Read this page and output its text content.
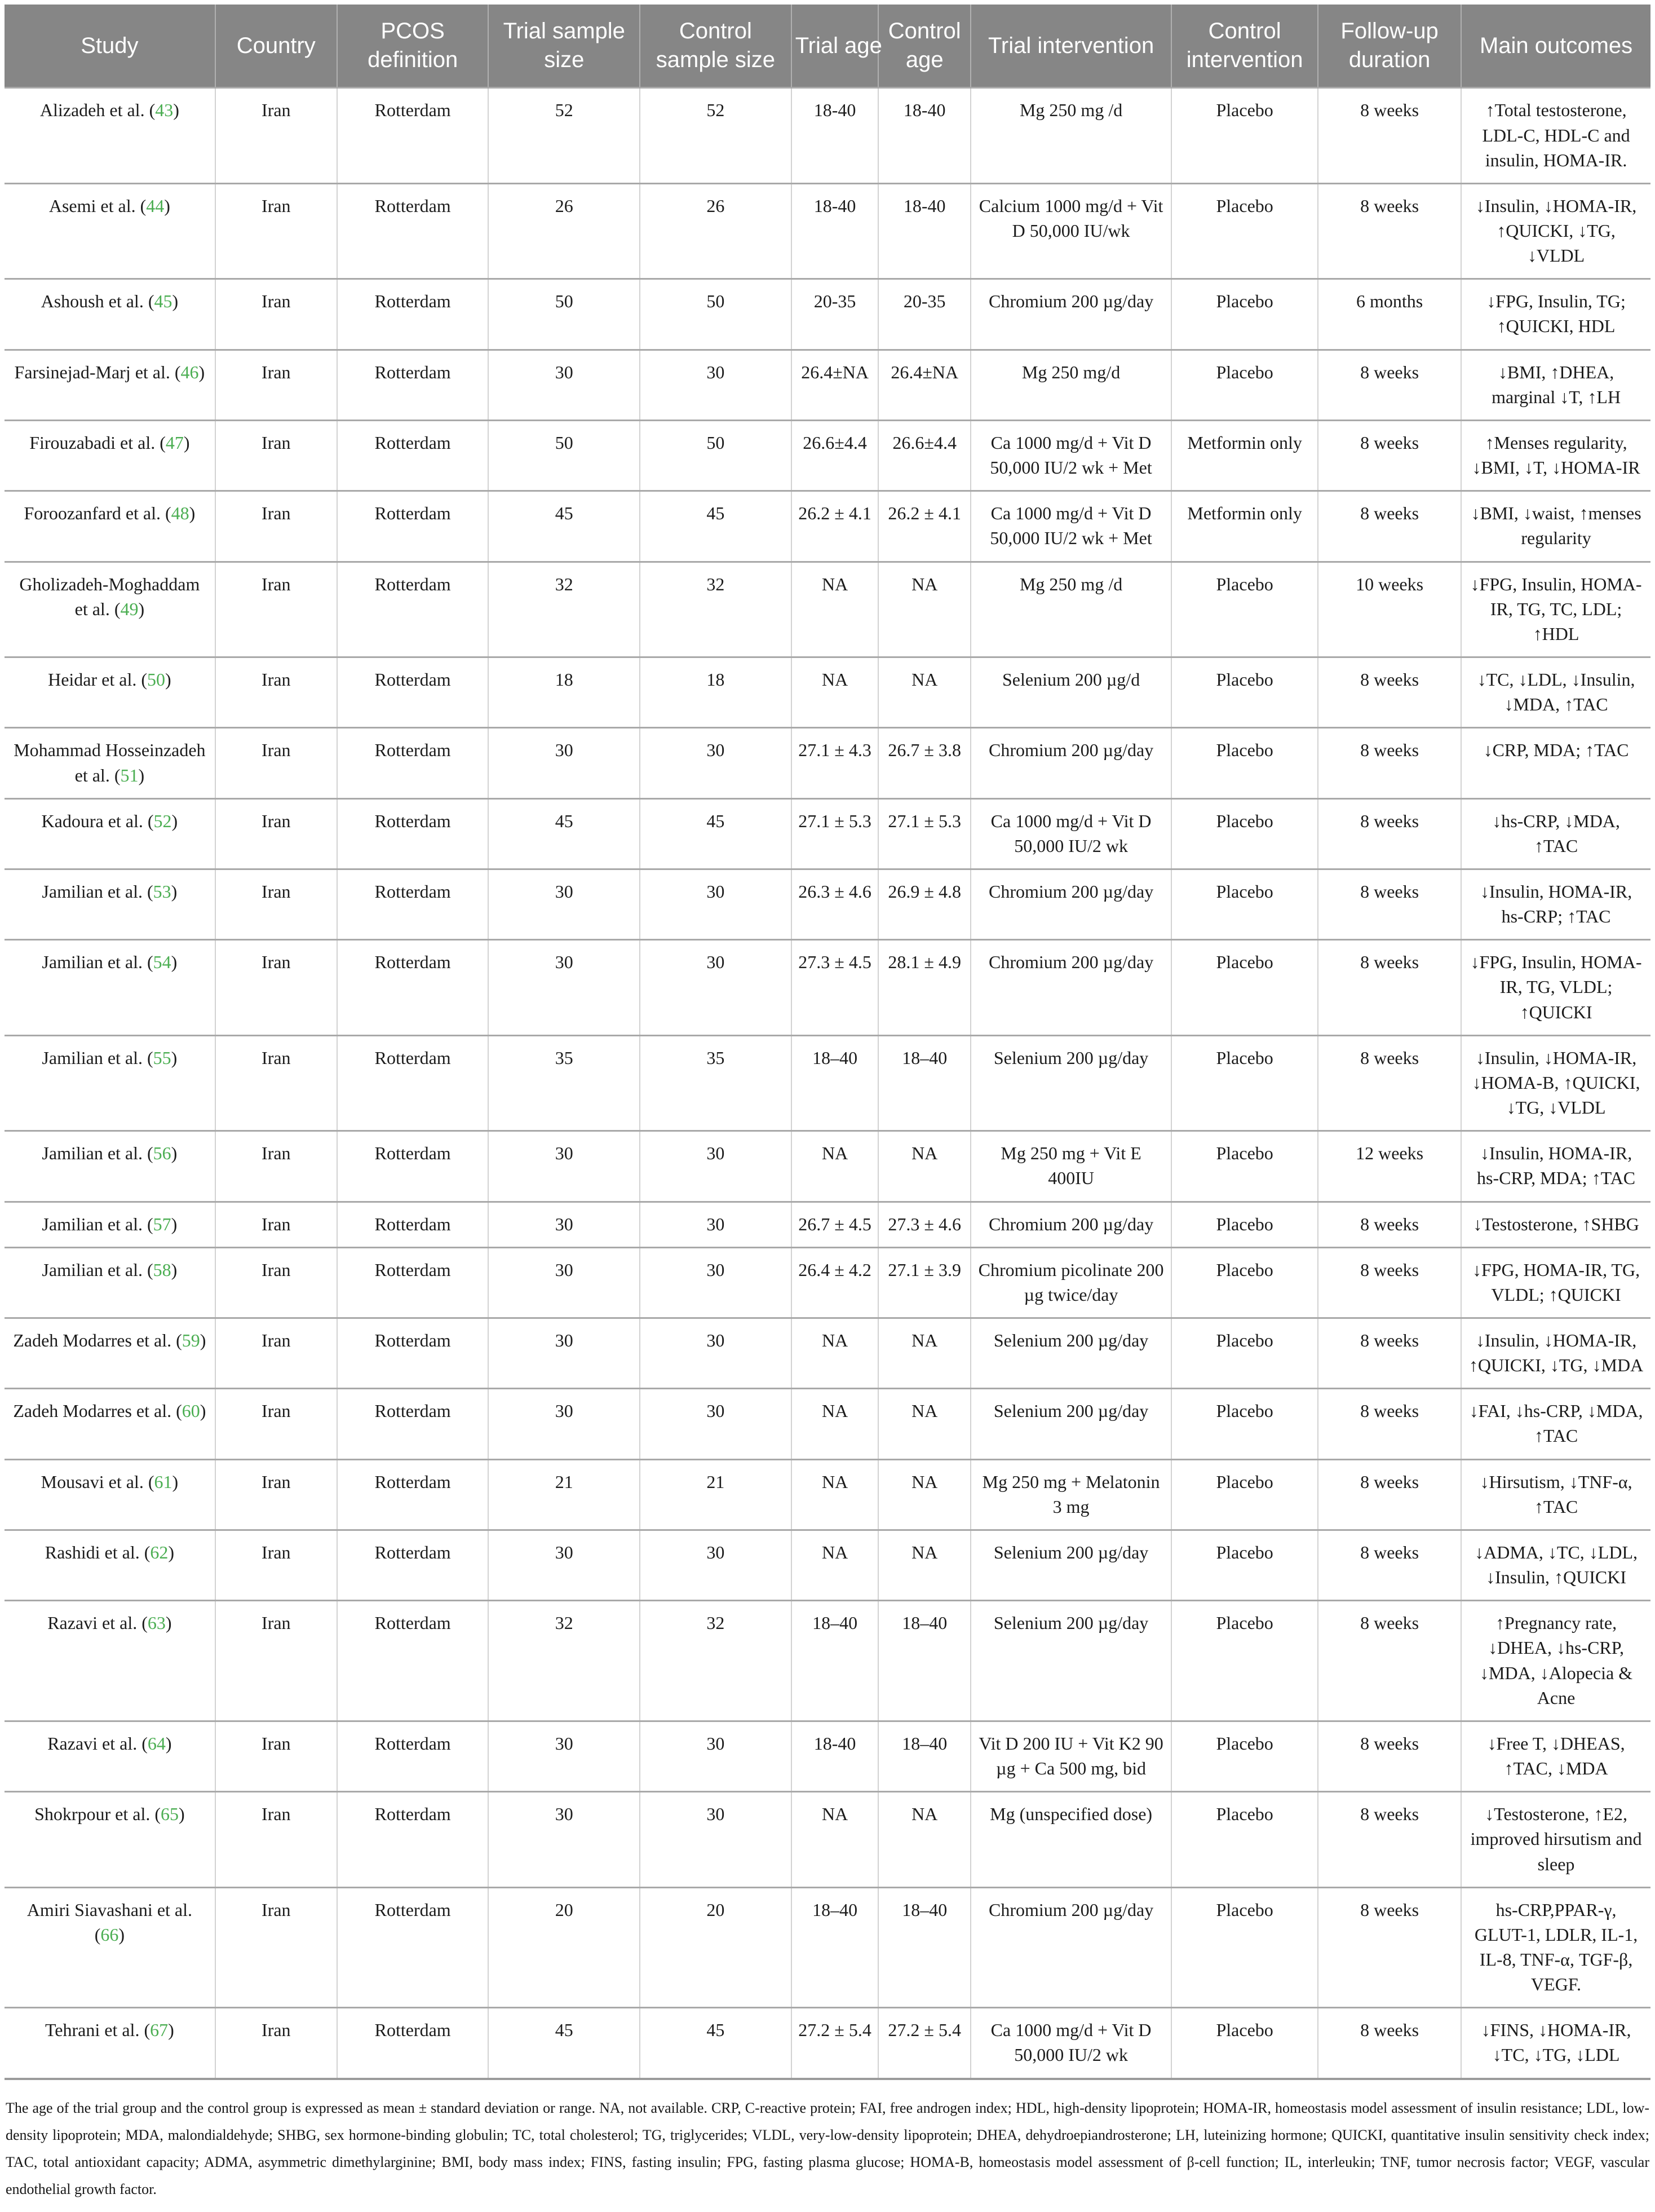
Study	Country	PCOS definition	Trial sample size	Control sample size	Trial age	Control age	Trial intervention	Control intervention	Follow-up duration	Main outcomes
Alizadeh et al. (43)	Iran	Rotterdam	52	52	18-40	18-40	Mg 250 mg /d	Placebo	8 weeks	↑Total testosterone, LDL-C, HDL-C and insulin, HOMA-IR.
Asemi et al. (44)	Iran	Rotterdam	26	26	18-40	18-40	Calcium 1000 mg/d + Vit D 50,000 IU/wk	Placebo	8 weeks	↓Insulin, ↓HOMA-IR, ↑QUICKI, ↓TG, ↓VLDL
Ashoush et al. (45)	Iran	Rotterdam	50	50	20-35	20-35	Chromium 200 µg/day	Placebo	6 months	↓FPG, Insulin, TG; ↑QUICKI, HDL
Farsinejad-Marj et al. (46)	Iran	Rotterdam	30	30	26.4±NA	26.4±NA	Mg 250 mg/d	Placebo	8 weeks	↓BMI, ↑DHEA, marginal ↓T, ↑LH
Firouzabadi et al. (47)	Iran	Rotterdam	50	50	26.6±4.4	26.6±4.4	Ca 1000 mg/d + Vit D 50,000 IU/2 wk + Met	Metformin only	8 weeks	↑Menses regularity, ↓BMI, ↓T, ↓HOMA-IR
Foroozanfard et al. (48)	Iran	Rotterdam	45	45	26.2 ± 4.1	26.2 ± 4.1	Ca 1000 mg/d + Vit D 50,000 IU/2 wk + Met	Metformin only	8 weeks	↓BMI, ↓waist, ↑menses regularity
Gholizadeh-Moghaddam et al. (49)	Iran	Rotterdam	32	32	NA	NA	Mg 250 mg /d	Placebo	10 weeks	↓FPG, Insulin, HOMA-IR, TG, TC, LDL; ↑HDL
Heidar et al. (50)	Iran	Rotterdam	18	18	NA	NA	Selenium 200 µg/d	Placebo	8 weeks	↓TC, ↓LDL, ↓Insulin, ↓MDA, ↑TAC
Mohammad Hosseinzadeh et al. (51)	Iran	Rotterdam	30	30	27.1 ± 4.3	26.7 ± 3.8	Chromium 200 µg/day	Placebo	8 weeks	↓CRP, MDA; ↑TAC
Kadoura et al. (52)	Iran	Rotterdam	45	45	27.1 ± 5.3	27.1 ± 5.3	Ca 1000 mg/d + Vit D 50,000 IU/2 wk	Placebo	8 weeks	↓hs-CRP, ↓MDA, ↑TAC
Jamilian et al. (53)	Iran	Rotterdam	30	30	26.3 ± 4.6	26.9 ± 4.8	Chromium 200 µg/day	Placebo	8 weeks	↓Insulin, HOMA-IR, hs-CRP; ↑TAC
Jamilian et al. (54)	Iran	Rotterdam	30	30	27.3 ± 4.5	28.1 ± 4.9	Chromium 200 µg/day	Placebo	8 weeks	↓FPG, Insulin, HOMA-IR, TG, VLDL; ↑QUICKI
Jamilian et al. (55)	Iran	Rotterdam	35	35	18–40	18–40	Selenium 200 µg/day	Placebo	8 weeks	↓Insulin, ↓HOMA-IR, ↓HOMA-B, ↑QUICKI, ↓TG, ↓VLDL
Jamilian et al. (56)	Iran	Rotterdam	30	30	NA	NA	Mg 250 mg + Vit E 400IU	Placebo	12 weeks	↓Insulin, HOMA-IR, hs-CRP, MDA; ↑TAC
Jamilian et al. (57)	Iran	Rotterdam	30	30	26.7 ± 4.5	27.3 ± 4.6	Chromium 200 µg/day	Placebo	8 weeks	↓Testosterone, ↑SHBG
Jamilian et al. (58)	Iran	Rotterdam	30	30	26.4 ± 4.2	27.1 ± 3.9	Chromium picolinate 200 µg twice/day	Placebo	8 weeks	↓FPG, HOMA-IR, TG, VLDL; ↑QUICKI
Zadeh Modarres et al. (59)	Iran	Rotterdam	30	30	NA	NA	Selenium 200 µg/day	Placebo	8 weeks	↓Insulin, ↓HOMA-IR, ↑QUICKI, ↓TG, ↓MDA
Zadeh Modarres et al. (60)	Iran	Rotterdam	30	30	NA	NA	Selenium 200 µg/day	Placebo	8 weeks	↓FAI, ↓hs-CRP, ↓MDA, ↑TAC
Mousavi et al. (61)	Iran	Rotterdam	21	21	NA	NA	Mg 250 mg + Melatonin 3 mg	Placebo	8 weeks	↓Hirsutism, ↓TNF-α, ↑TAC
Rashidi et al. (62)	Iran	Rotterdam	30	30	NA	NA	Selenium 200 µg/day	Placebo	8 weeks	↓ADMA, ↓TC, ↓LDL, ↓Insulin, ↑QUICKI
Razavi et al. (63)	Iran	Rotterdam	32	32	18–40	18–40	Selenium 200 µg/day	Placebo	8 weeks	↑Pregnancy rate, ↓DHEA, ↓hs-CRP, ↓MDA, ↓Alopecia & Acne
Razavi et al. (64)	Iran	Rotterdam	30	30	18-40	18–40	Vit D 200 IU + Vit K2 90 µg + Ca 500 mg, bid	Placebo	8 weeks	↓Free T, ↓DHEAS, ↑TAC, ↓MDA
Shokrpour et al. (65)	Iran	Rotterdam	30	30	NA	NA	Mg (unspecified dose)	Placebo	8 weeks	↓Testosterone, ↑E2, improved hirsutism and sleep
Amiri Siavashani et al. (66)	Iran	Rotterdam	20	20	18–40	18–40	Chromium 200 µg/day	Placebo	8 weeks	hs-CRP,PPAR-γ, GLUT-1, LDLR, IL-1, IL-8, TNF-α, TGF-β, VEGF.
Tehrani et al. (67)	Iran	Rotterdam	45	45	27.2 ± 5.4	27.2 ± 5.4	Ca 1000 mg/d + Vit D 50,000 IU/2 wk	Placebo	8 weeks	↓FINS, ↓HOMA-IR, ↓TC, ↓TG, ↓LDL

The age of the trial group and the control group is expressed as mean ± standard deviation or range. NA, not available. CRP, C-reactive protein; FAI, free androgen index; HDL, high-density lipoprotein; HOMA-IR, homeostasis model assessment of insulin resistance; LDL, low-density lipoprotein; MDA, malondialdehyde; SHBG, sex hormone-binding globulin; TC, total cholesterol; TG, triglycerides; VLDL, very-low-density lipoprotein; DHEA, dehydroepiandrosterone; LH, luteinizing hormone; QUICKI, quantitative insulin sensitivity check index; TAC, total antioxidant capacity; ADMA, asymmetric dimethylarginine; BMI, body mass index; FINS, fasting insulin; FPG, fasting plasma glucose; HOMA-B, homeostasis model assessment of β-cell function; IL, interleukin; TNF, tumor necrosis factor; VEGF, vascular endothelial growth factor.
